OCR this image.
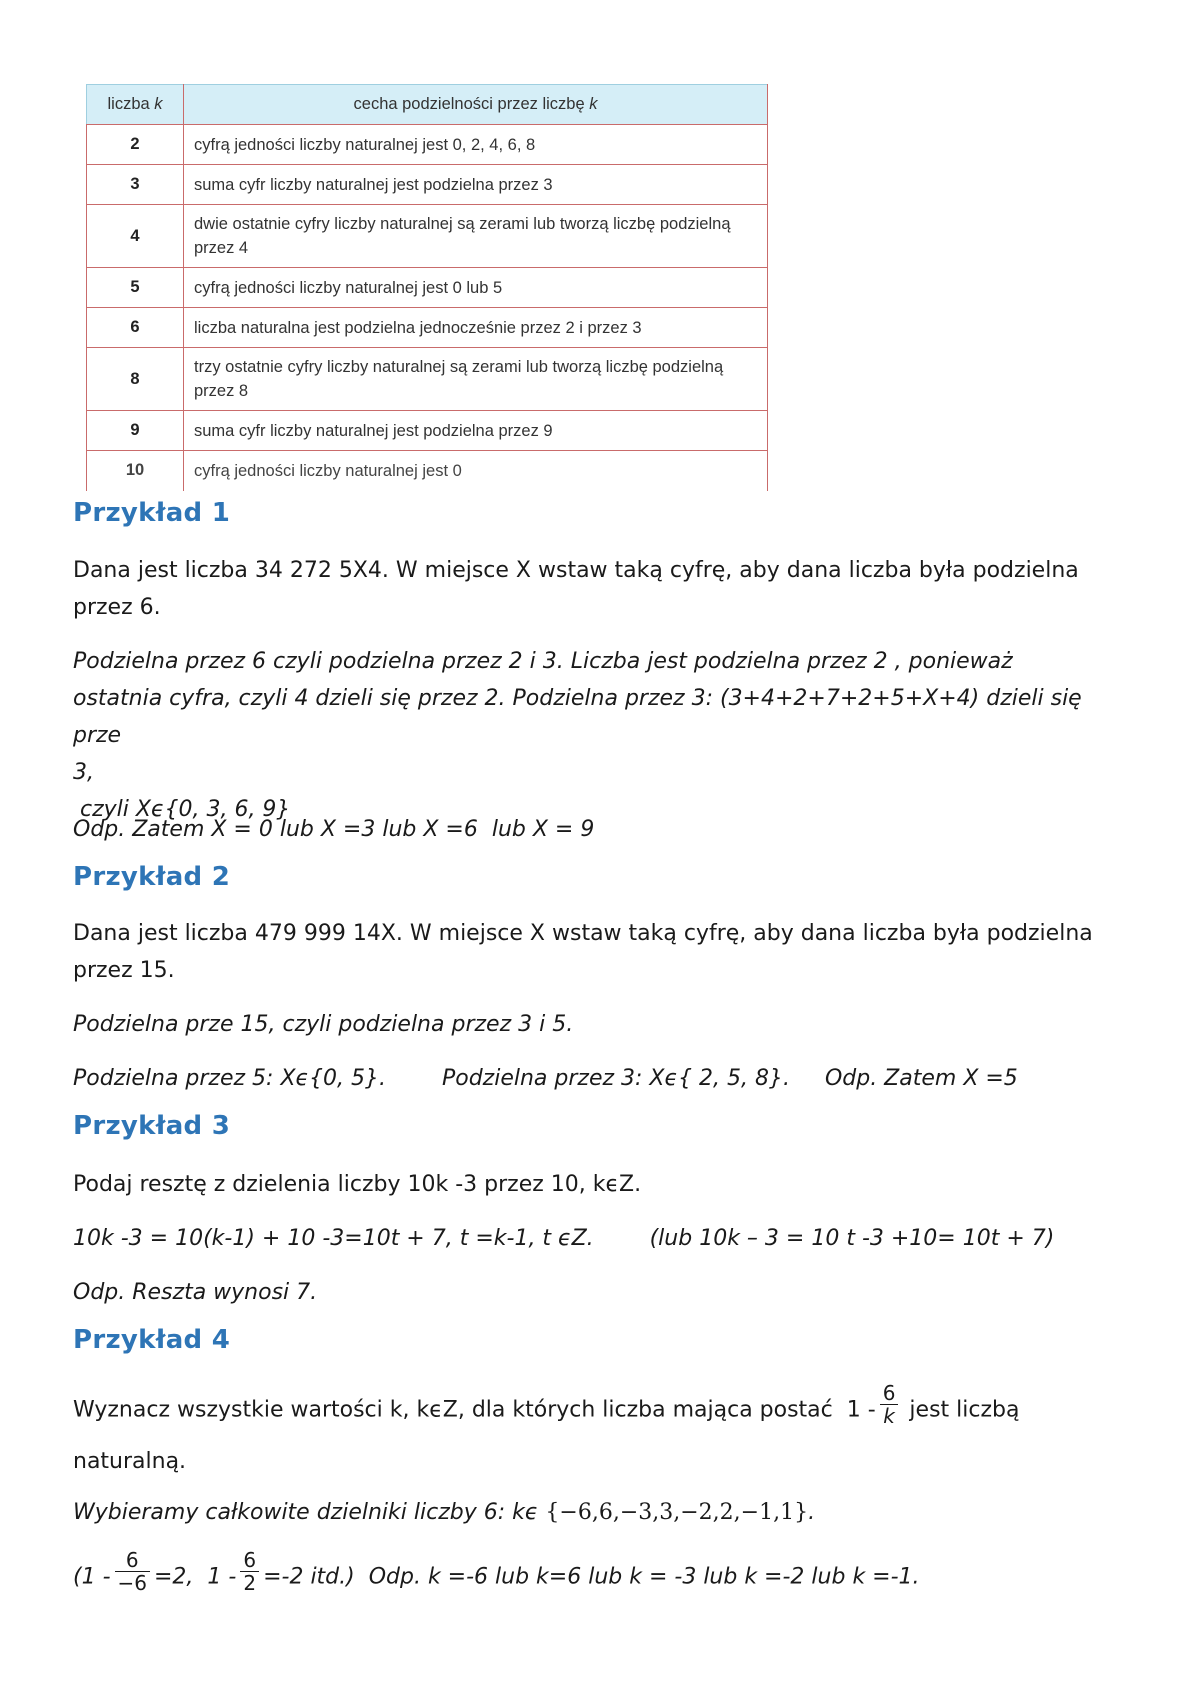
liczba k	cecha podzielności przez liczbę k
2	cyfrą jedności liczby naturalnej jest 0, 2, 4, 6, 8
3	suma cyfr liczby naturalnej jest podzielna przez 3
4	dwie ostatnie cyfry liczby naturalnej są zerami lub tworzą liczbę podzielną przez 4
5	cyfrą jedności liczby naturalnej jest 0 lub 5
6	liczba naturalna jest podzielna jednocześnie przez 2 i przez 3
8	trzy ostatnie cyfry liczby naturalnej są zerami lub tworzą liczbę podzielną przez 8
9	suma cyfr liczby naturalnej jest podzielna przez 9
10	cyfrą jedności liczby naturalnej jest 0
Przykład 1

Dana jest liczba 34 272 5X4. W miejsce X wstaw taką cyfrę, aby dana liczba była podzielna przez 6.

Podzielna przez 6 czyli podzielna przez 2 i 3. Liczba jest podzielna przez 2 , ponieważ
ostatnia cyfra, czyli 4 dzieli się przez 2. Podzielna przez 3: (3+4+2+7+2+5+X+4) dzieli się prze
3,
czyli Xϵ{0, 3, 6, 9}

Odp. Zatem X = 0 lub X =3 lub X =6  lub X = 9

Przykład 2

Dana jest liczba 479 999 14X. W miejsce X wstaw taką cyfrę, aby dana liczba była podzielna przez 15.

Podzielna prze 15, czyli podzielna przez 3 i 5.

Podzielna przez 5: Xϵ{0, 5}.        Podzielna przez 3: Xϵ{ 2, 5, 8}.     Odp. Zatem X =5

Przykład 3

Podaj resztę z dzielenia liczby 10k -3 przez 10, kϵZ.

10k -3 = 10(k-1) + 10 -3=10t + 7, t =k-1, t ϵZ.        (lub 10k – 3 = 10 t -3 +10= 10t + 7)

Odp. Reszta wynosi 7.

Przykład 4

Wyznacz wszystkie wartości k, kϵZ, dla których liczba mająca postać  $1 - \frac{6}{k}$ jest liczbą

naturalną.

Wybieramy całkowite dzielniki liczby 6: kϵ {−6,6,−3,3,−2,2,−1,1}.

($1 - \frac{6}{-6} =2$,  $1 - \frac{6}{2} =-2$ itd.)  Odp. k =-6 lub k=6 lub k = -3 lub k =-2 lub k =-1.
